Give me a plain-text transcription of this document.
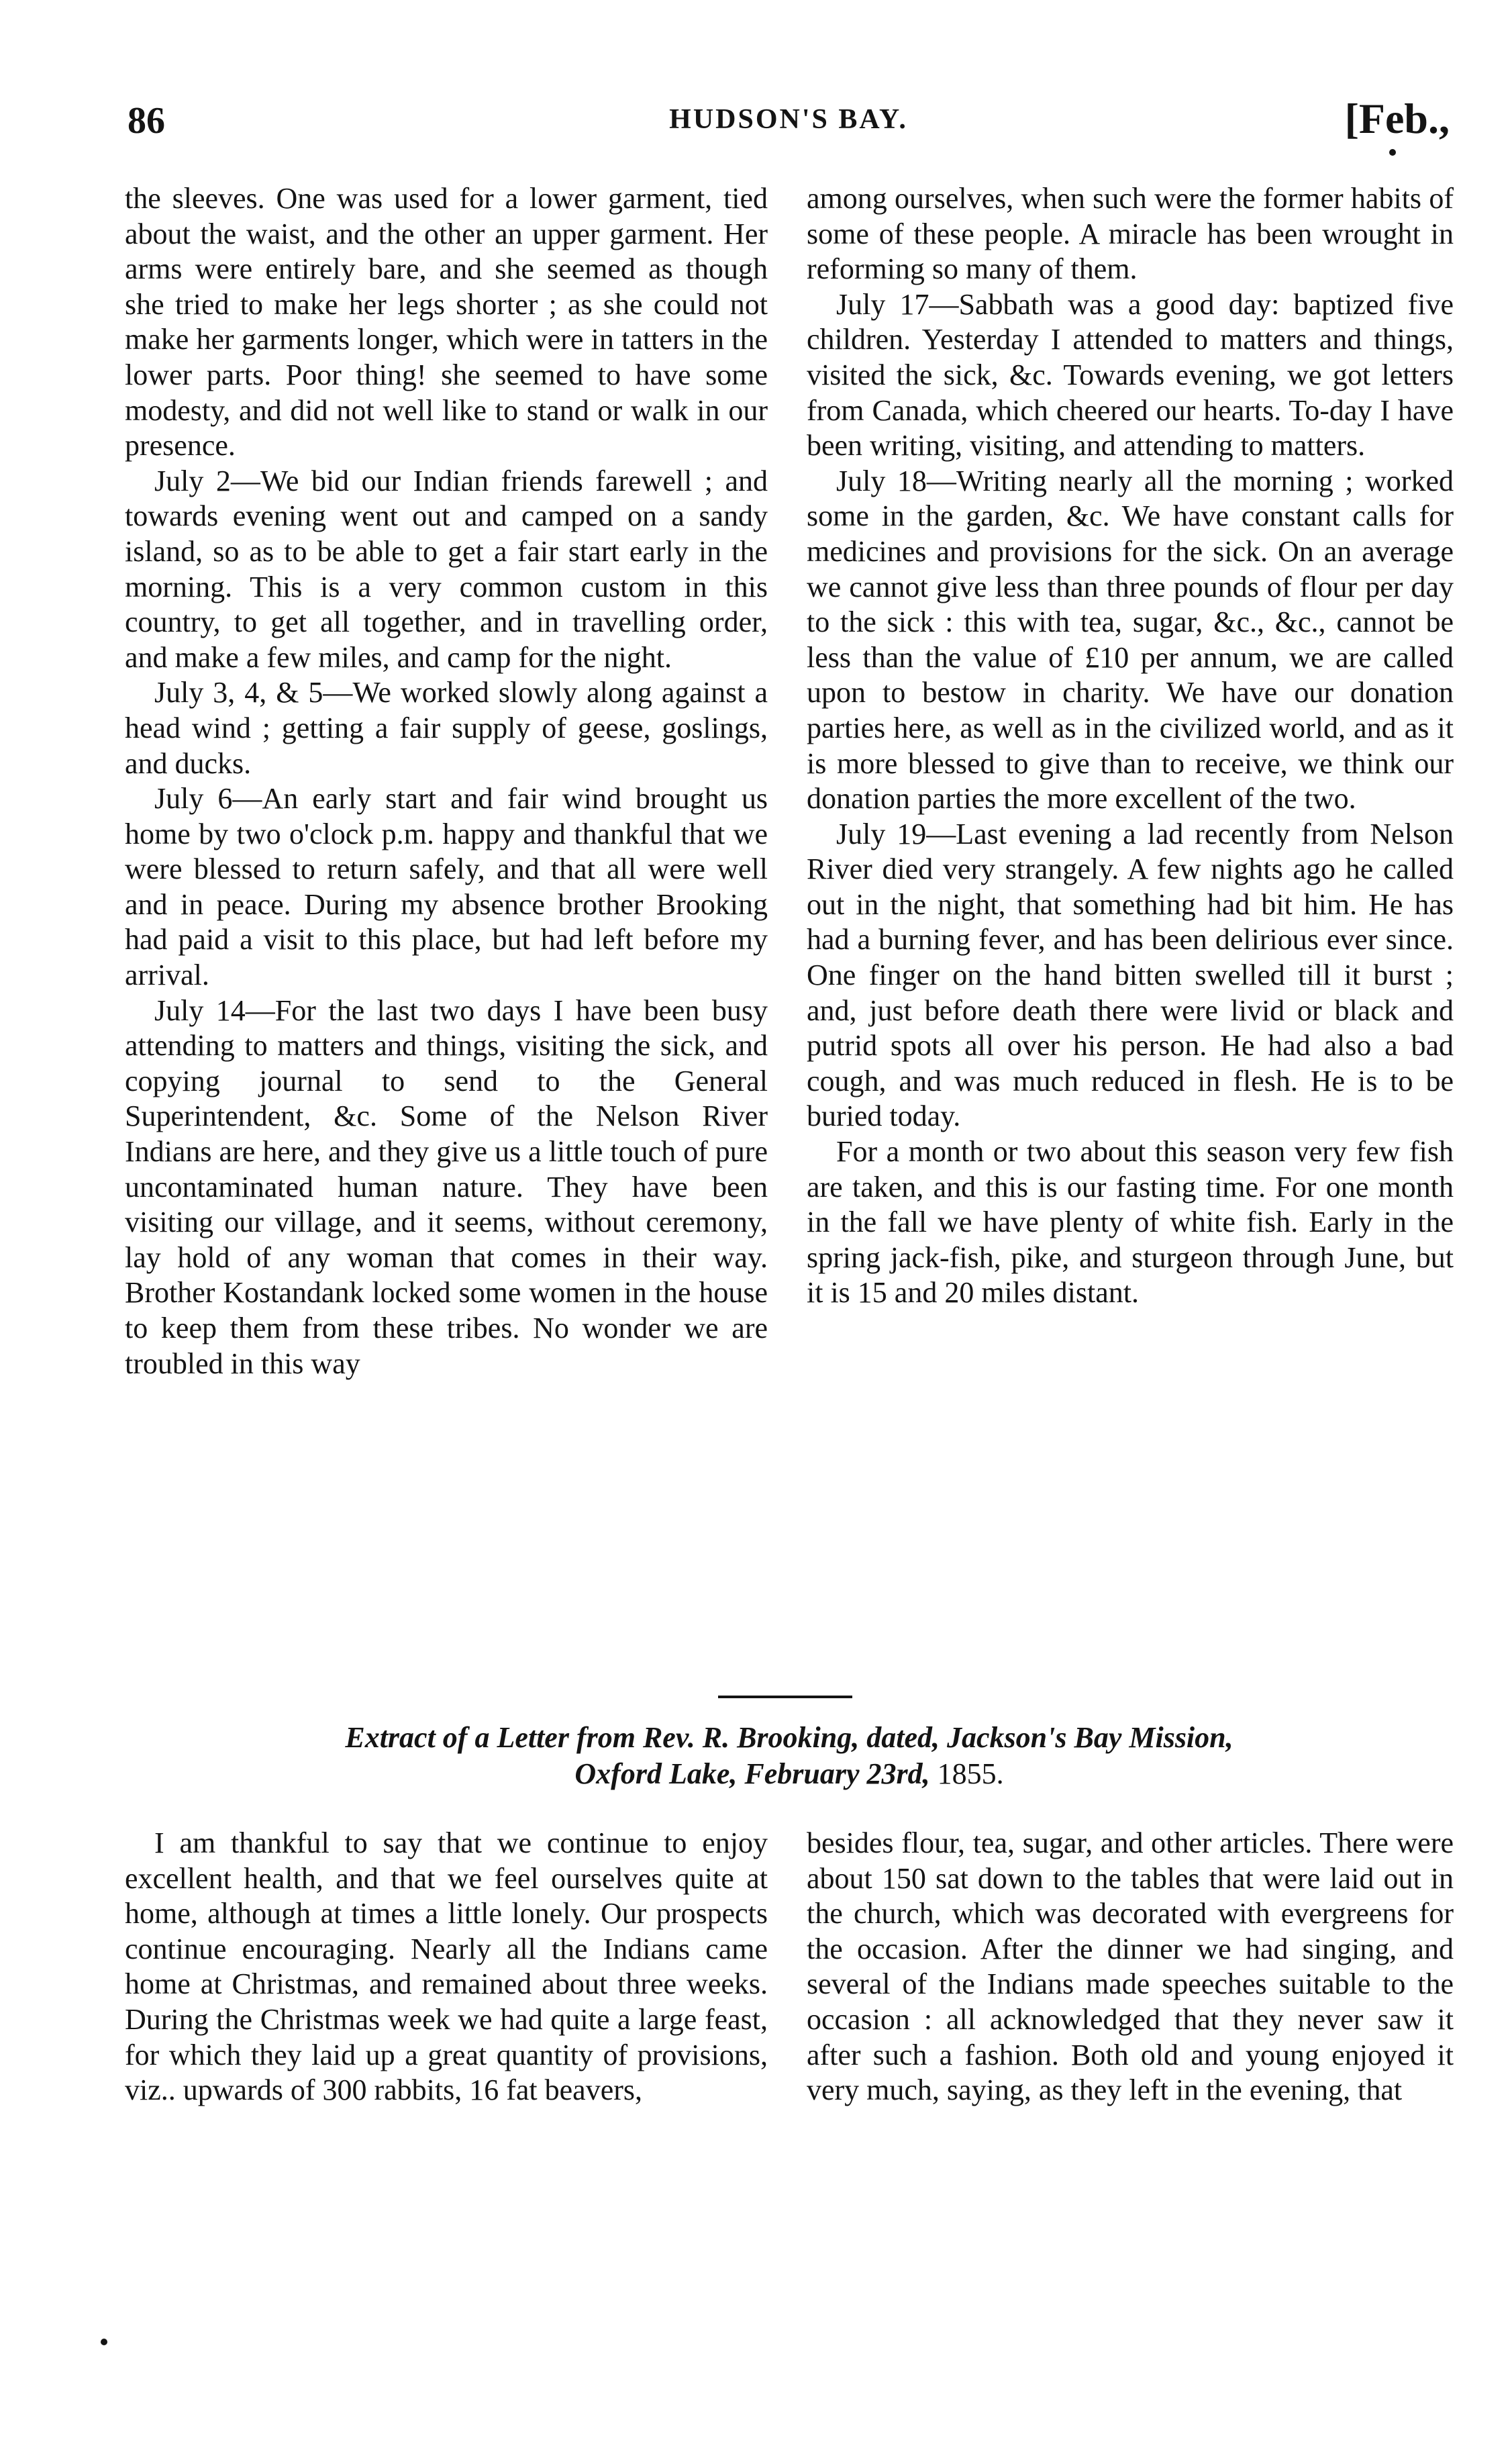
86	HUDSON'S BAY.	[Feb.,

the sleeves. One was used for a lower garment, tied about the waist, and the other an upper garment. Her arms were entirely bare, and she seemed as though she tried to make her legs shorter ; as she could not make her garments longer, which were in tatters in the lower parts. Poor thing! she seemed to have some modesty, and did not well like to stand or walk in our presence.

July 2—We bid our Indian friends farewell ; and towards evening went out and camped on a sandy island, so as to be able to get a fair start early in the morning. This is a very common custom in this country, to get all together, and in travelling order, and make a few miles, and camp for the night.

July 3, 4, & 5—We worked slowly along against a head wind ; getting a fair supply of geese, goslings, and ducks.

July 6—An early start and fair wind brought us home by two o'clock p.m. happy and thankful that we were blessed to return safely, and that all were well and in peace. During my absence brother Brooking had paid a visit to this place, but had left before my arrival.

July 14—For the last two days I have been busy attending to matters and things, visiting the sick, and copying journal to send to the General Superintendent, &c. Some of the Nelson River Indians are here, and they give us a little touch of pure uncontaminated human nature. They have been visiting our village, and it seems, without ceremony, lay hold of any woman that comes in their way. Brother Kostandank locked some women in the house to keep them from these tribes. No wonder we are troubled in this way

among ourselves, when such were the former habits of some of these people. A miracle has been wrought in reforming so many of them.

July 17—Sabbath was a good day: baptized five children. Yesterday I attended to matters and things, visited the sick, &c. Towards evening, we got letters from Canada, which cheered our hearts. To-day I have been writing, visiting, and attending to matters.

July 18—Writing nearly all the morning ; worked some in the garden, &c. We have constant calls for medicines and provisions for the sick. On an average we cannot give less than three pounds of flour per day to the sick : this with tea, sugar, &c., &c., cannot be less than the value of £10 per annum, we are called upon to bestow in charity. We have our donation parties here, as well as in the civilized world, and as it is more blessed to give than to receive, we think our donation parties the more excellent of the two.

July 19—Last evening a lad recently from Nelson River died very strangely. A few nights ago he called out in the night, that something had bit him. He has had a burning fever, and has been delirious ever since. One finger on the hand bitten swelled till it burst ; and, just before death there were livid or black and putrid spots all over his person. He had also a bad cough, and was much reduced in flesh. He is to be buried today.

For a month or two about this season very few fish are taken, and this is our fasting time. For one month in the fall we have plenty of white fish. Early in the spring jack-fish, pike, and sturgeon through June, but it is 15 and 20 miles distant.

Extract of a Letter from Rev. R. Brooking, dated, Jackson's Bay Mission,
Oxford Lake, February 23rd, 1855.

I am thankful to say that we continue to enjoy excellent health, and that we feel ourselves quite at home, although at times a little lonely. Our prospects continue encouraging. Nearly all the Indians came home at Christmas, and remained about three weeks. During the Christmas week we had quite a large feast, for which they laid up a great quantity of provisions, viz.. upwards of 300 rabbits, 16 fat beavers,

besides flour, tea, sugar, and other articles. There were about 150 sat down to the tables that were laid out in the church, which was decorated with evergreens for the occasion. After the dinner we had singing, and several of the Indians made speeches suitable to the occasion : all acknowledged that they never saw it after such a fashion. Both old and young enjoyed it very much, saying, as they left in the evening, that
